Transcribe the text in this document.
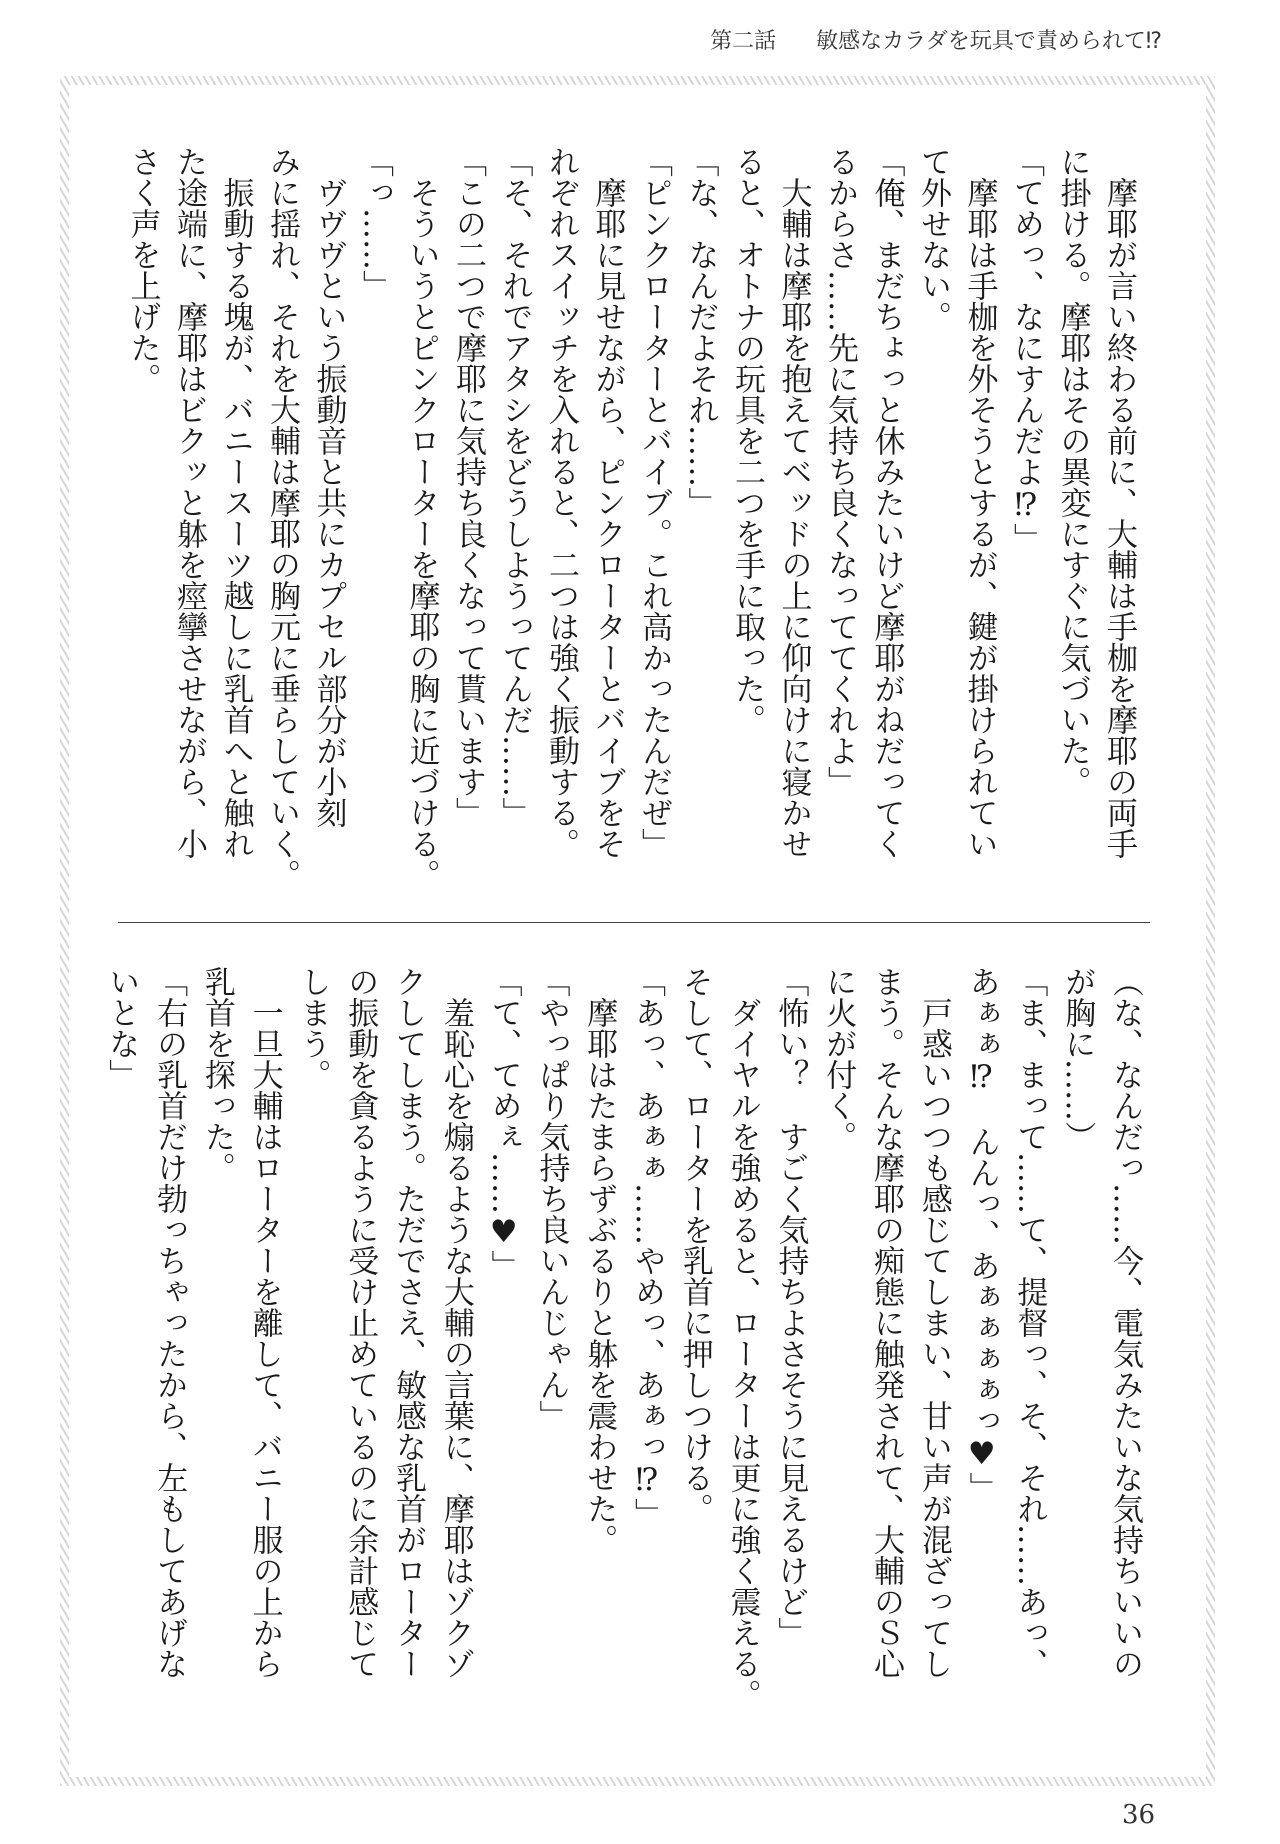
第二話 敏感なカラダを玩具で責められて⁉
　摩耶が言い終わる前に、大輔は手枷を摩耶の両手
に掛ける。摩耶はその異変にすぐに気づいた。
「てめっ、なにすんだよ⁉」
　摩耶は手枷を外そうとするが、鍵が掛けられてい
て外せない。
「俺、まだちょっと休みたいけど摩耶がねだってく
るからさ……先に気持ち良くなっててくれよ」
　大輔は摩耶を抱えてベッドの上に仰向けに寝かせ
ると、オトナの玩具を二つを手に取った。
「な、なんだよそれ……」
「ピンクローターとバイブ。これ高かったんだぜ」
　摩耶に見せながら、ピンクローターとバイブをそ
れぞれスイッチを入れると、二つは強く振動する。
「そ、それでアタシをどうしようってんだ……」
「この二つで摩耶に気持ち良くなって貰います」
　そういうとピンクローターを摩耶の胸に近づける。
「っ……」
　ヴヴヴという振動音と共にカプセル部分が小刻
みに揺れ、それを大輔は摩耶の胸元に垂らしていく。
　振動する塊が、バニースーツ越しに乳首へと触れ
た途端に、摩耶はビクッと躰を痙攣させながら、小
さく声を上げた。
（な、なんだっ……今、電気みたいな気持ちいいの
が胸に……）
「ま、まって……て、提督っ、そ、それ……あっ、
あぁぁ⁉　んんっ、あぁぁぁぁっ♥」
　戸惑いつつも感じてしまい、甘い声が混ざってし
まう。そんな摩耶の痴態に触発されて、大輔のＳ心
に火が付く。
「怖い？　すごく気持ちよさそうに見えるけど」
　ダイヤルを強めると、ローターは更に強く震える。
そして、ローターを乳首に押しつける。
「あっ、あぁぁ……やめっ、あぁっ⁉」
　摩耶はたまらずぶるりと躰を震わせた。
「やっぱり気持ち良いんじゃん」
「て、てめぇ……♥」
　羞恥心を煽るような大輔の言葉に、摩耶はゾクゾ
クしてしまう。ただでさえ、敏感な乳首がローター
の振動を貪るように受け止めているのに余計感じて
しまう。
　一旦大輔はローターを離して、バニー服の上から
乳首を探った。
「右の乳首だけ勃っちゃったから、左もしてあげな
いとな」
36
